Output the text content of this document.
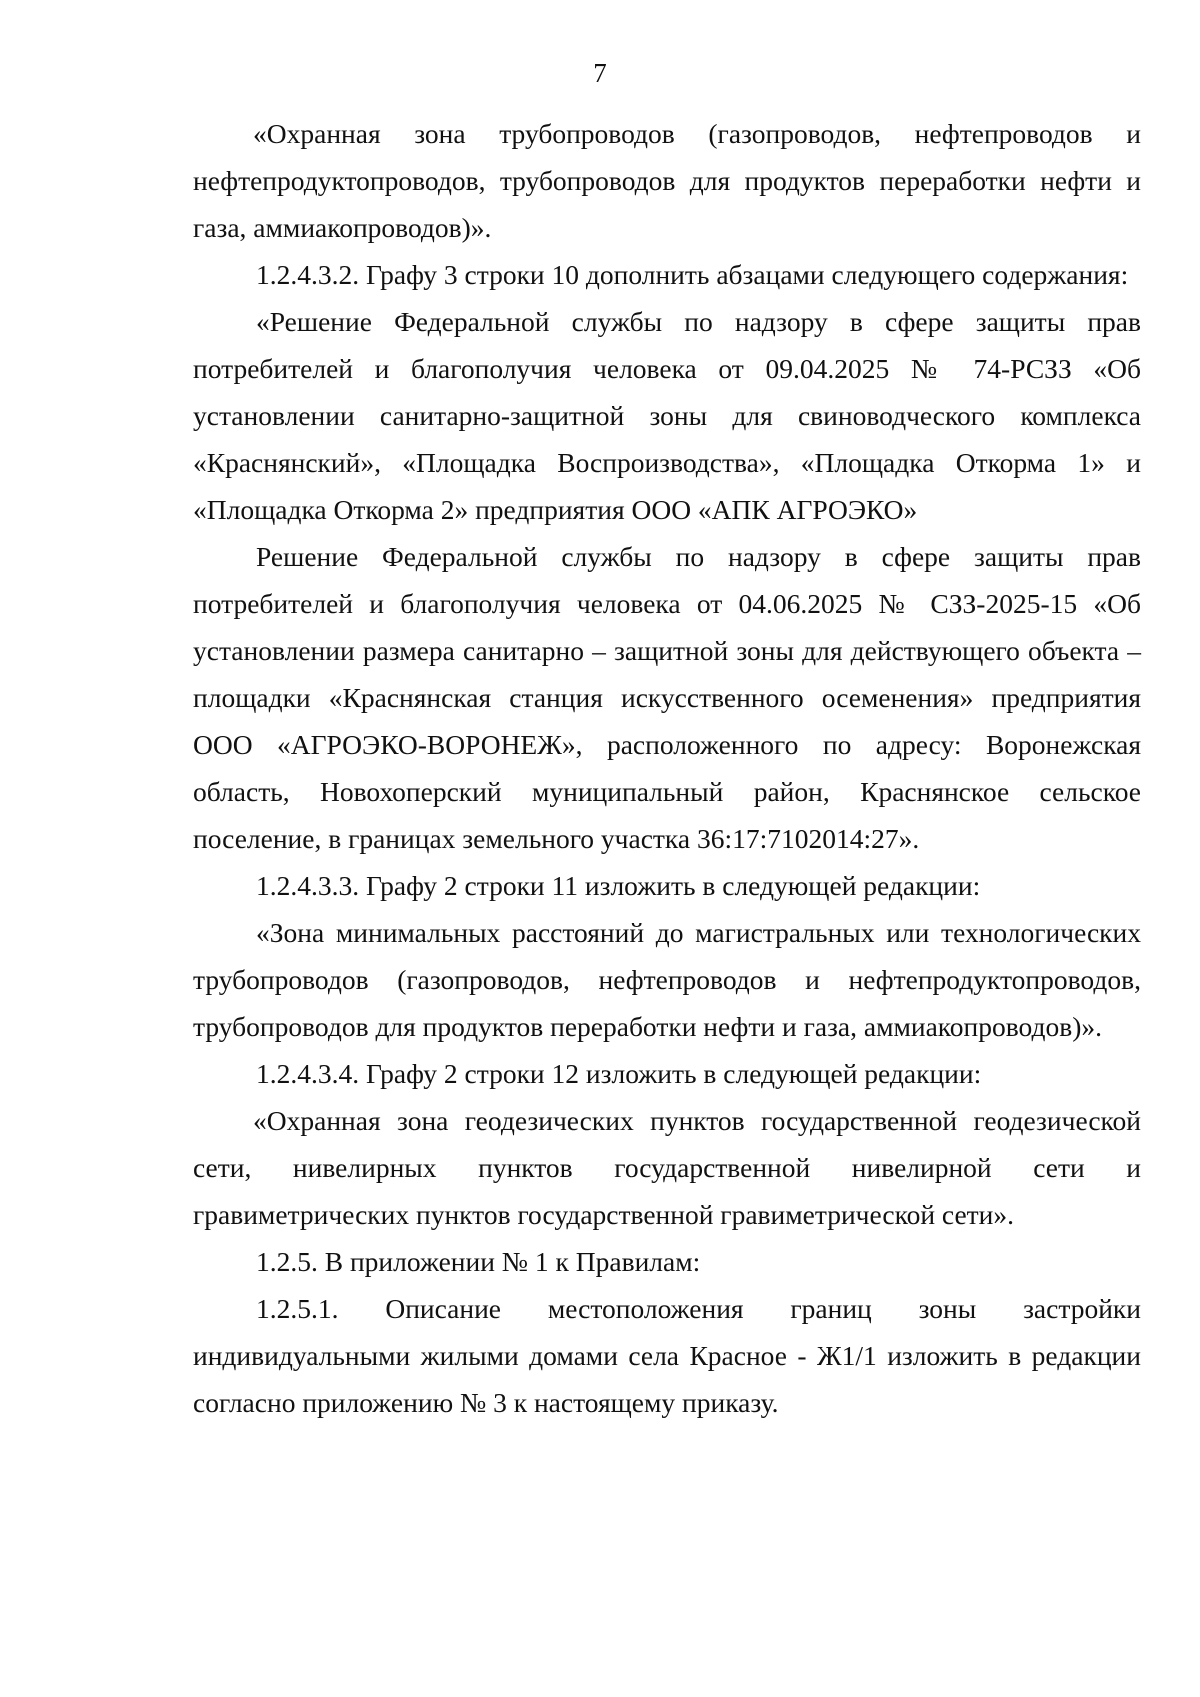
7

«Охранная зона трубопроводов (газопроводов, нефтепроводов и нефтепродуктопроводов, трубопроводов для продуктов переработки нефти и газа, аммиакопроводов)».

1.2.4.3.2. Графу 3 строки 10 дополнить абзацами следующего содержания:

«Решение Федеральной службы по надзору в сфере защиты прав потребителей и благополучия человека от 09.04.2025 № 74-РСЗЗ «Об установлении санитарно-защитной зоны для свиноводческого комплекса «Краснянский», «Площадка Воспроизводства», «Площадка Откорма 1» и «Площадка Откорма 2» предприятия ООО «АПК АГРОЭКО»

Решение Федеральной службы по надзору в сфере защиты прав потребителей и благополучия человека от 04.06.2025 № СЗЗ-2025-15 «Об установлении размера санитарно – защитной зоны для действующего объекта – площадки «Краснянская станция искусственного осеменения» предприятия ООО «АГРОЭКО-ВОРОНЕЖ», расположенного по адресу: Воронежская область, Новохоперский муниципальный район, Краснянское сельское поселение, в границах земельного участка 36:17:7102014:27».

1.2.4.3.3. Графу 2 строки 11 изложить в следующей редакции:

«Зона минимальных расстояний до магистральных или технологических трубопроводов (газопроводов, нефтепроводов и нефтепродуктопроводов, трубопроводов для продуктов переработки нефти и газа, аммиакопроводов)».

1.2.4.3.4. Графу 2 строки 12 изложить в следующей редакции:

«Охранная зона геодезических пунктов государственной геодезической сети, нивелирных пунктов государственной нивелирной сети и гравиметрических пунктов государственной гравиметрической сети».

1.2.5. В приложении № 1 к Правилам:

1.2.5.1. Описание местоположения границ зоны застройки индивидуальными жилыми домами села Красное - Ж1/1 изложить в редакции согласно приложению № 3 к настоящему приказу.
